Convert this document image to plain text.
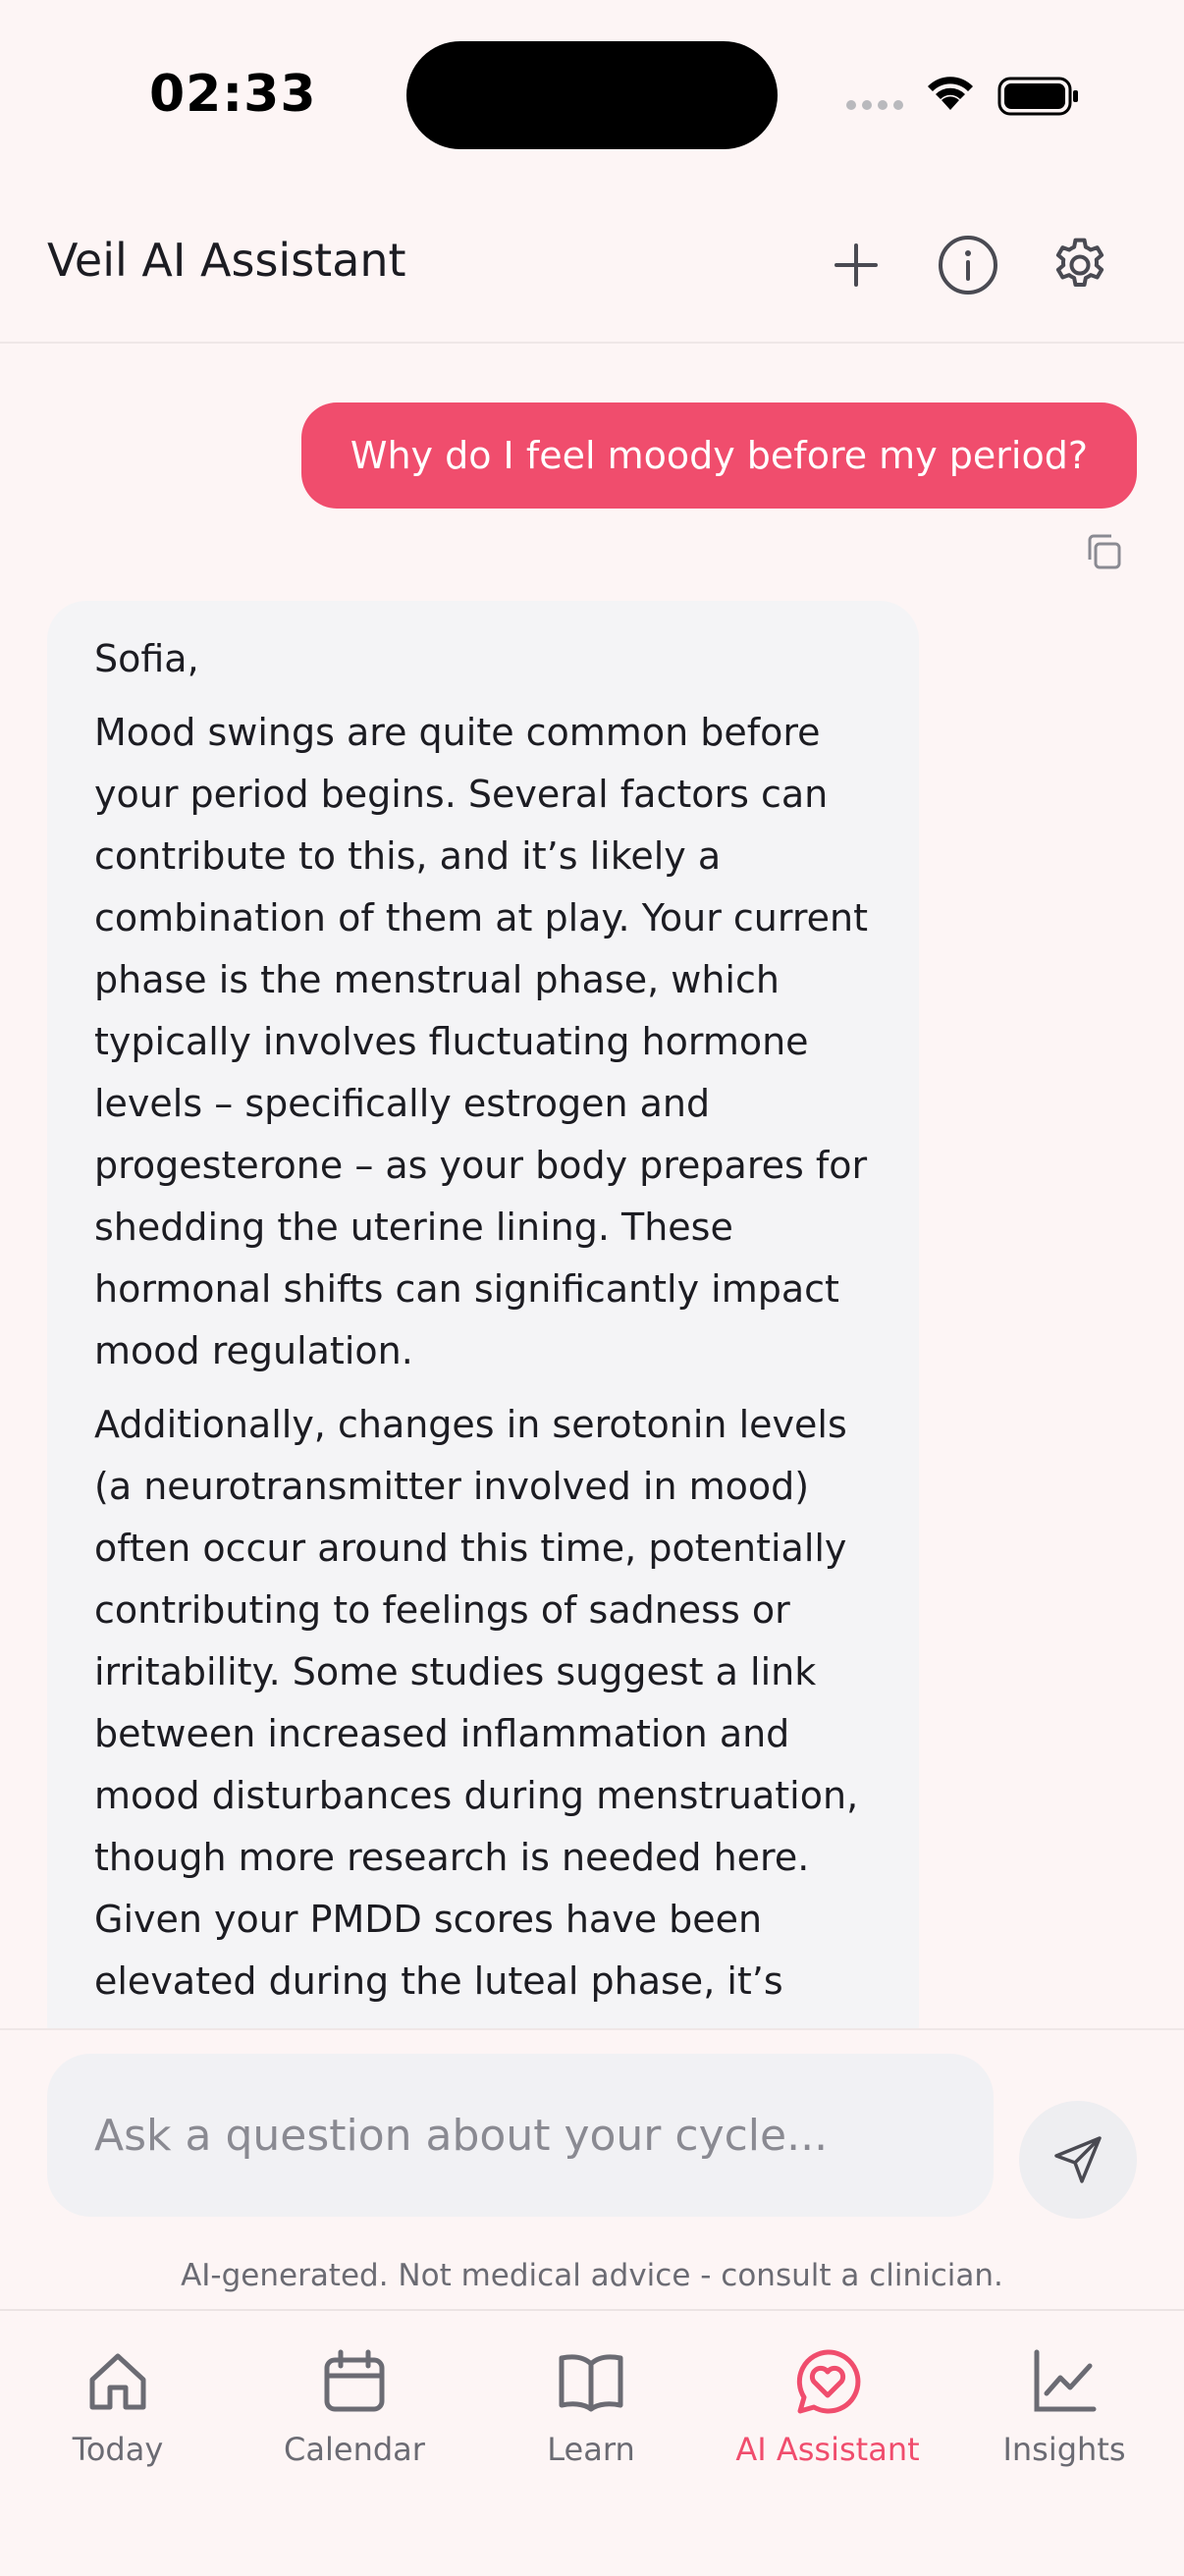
02:33
Veil AI Assistant
Why do I feel moody before my period?

Sofia,

Mood swings are quite common before your period begins. Several factors can contribute to this, and it’s likely a combination of them at play. Your current phase is the menstrual phase, which typically involves fluctuating hormone levels – specifically estrogen and progesterone – as your body prepares for shedding the uterine lining. These hormonal shifts can significantly impact mood regulation.

Additionally, changes in serotonin levels (a neurotransmitter involved in mood) often occur around this time, potentially contributing to feelings of sadness or irritability. Some studies suggest a link between increased inflammation and mood disturbances during menstruation, though more research is needed here. Given your PMDD scores have been elevated during the luteal phase, it’s

Ask a question about your cycle...
AI-generated. Not medical advice - consult a clinician.
Today	Calendar	Learn	AI Assistant	Insights
